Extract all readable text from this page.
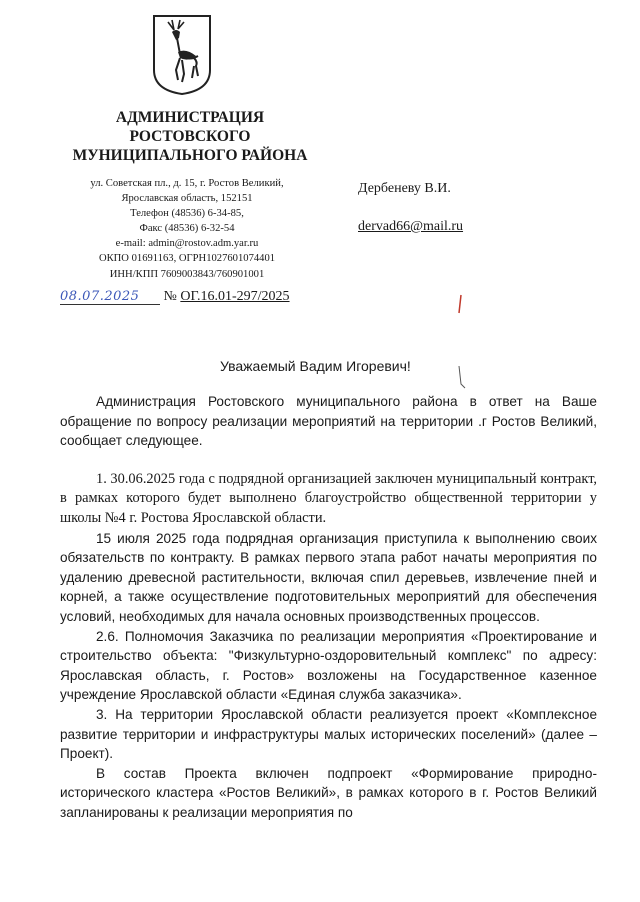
АДМИНИСТРАЦИЯ
РОСТОВСКОГО
МУНИЦИПАЛЬНОГО РАЙОНА
ул. Советская пл., д. 15, г. Ростов Великий,
Ярославская область, 152151
Телефон (48536) 6-34-85,
Факс (48536) 6-32-54
e-mail: admin@rostov.adm.yar.ru
ОКПО 01691163, ОГРН1027601074401
ИНН/КПП 7609003843/760901001
Дербеневу В.И.
dervad66@mail.ru
08.07.2025 № ОГ.16.01-297/2025
Уважаемый Вадим Игоревич!

Администрация Ростовского муниципального района в ответ на Ваше обращение по вопросу реализации мероприятий на территории .г Ростов Великий, сообщает следующее.

1. 30.06.2025 года с подрядной организацией заключен муниципальный контракт, в рамках которого будет выполнено благоустройство общественной территории у школы №4 г. Ростова Ярославской области.

15 июля 2025 года подрядная организация приступила к выполнению своих обязательств по контракту. В рамках первого этапа работ начаты мероприятия по удалению древесной растительности, включая спил деревьев, извлечение пней и корней, а также осуществление подготовительных мероприятий для обеспечения условий, необходимых для начала основных производственных процессов.

2.6. Полномочия Заказчика по реализации мероприятия «Проектирование и строительство объекта: "Физкультурно-оздоровительный комплекс" по адресу: Ярославская область, г. Ростов» возложены на Государственное казенное учреждение Ярославской области «Единая служба заказчика».

3. На территории Ярославской области реализуется проект «Комплексное развитие территории и инфраструктуры малых исторических поселений» (далее – Проект).

В состав Проекта включен подпроект «Формирование природно-исторического кластера «Ростов Великий», в рамках которого в г. Ростов Великий запланированы к реализации мероприятия по
